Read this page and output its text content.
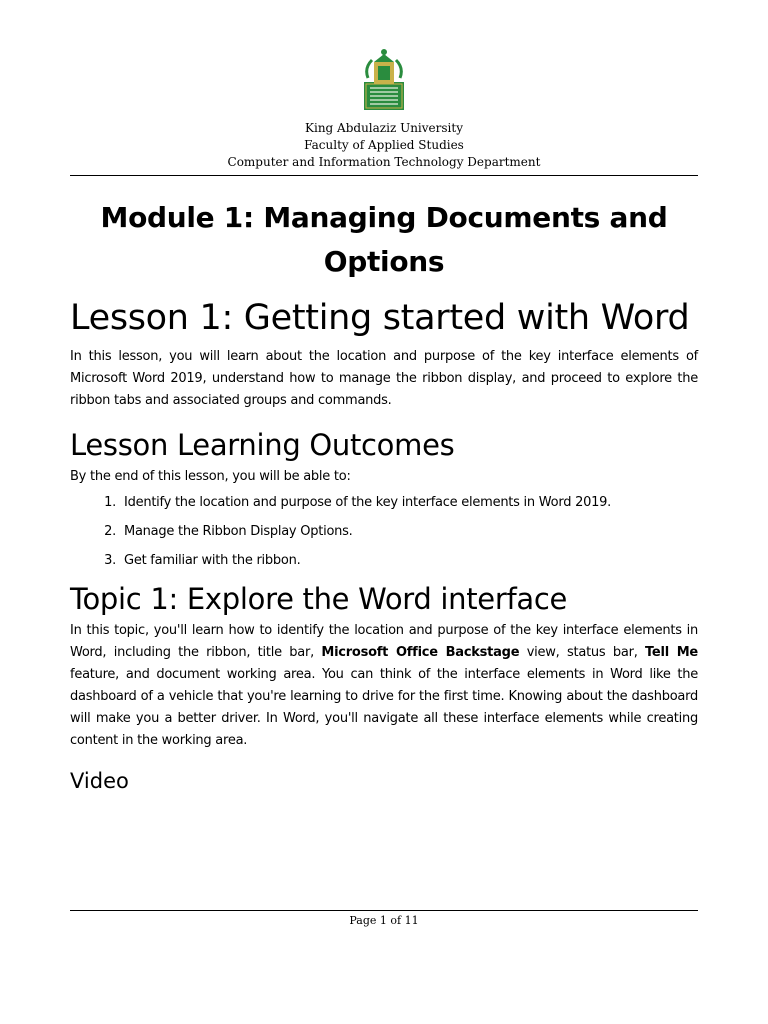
King Abdulaziz University
Faculty of Applied Studies
Computer and Information Technology Department
Module 1: Managing Documents and Options
Lesson 1: Getting started with Word

In this lesson, you will learn about the location and purpose of the key interface elements of Microsoft Word 2019, understand how to manage the ribbon display, and proceed to explore the ribbon tabs and associated groups and commands.

Lesson Learning Outcomes

By the end of this lesson, you will be able to:

1. Identify the location and purpose of the key interface elements in Word 2019.
2. Manage the Ribbon Display Options.
3. Get familiar with the ribbon.
Topic 1: Explore the Word interface

In this topic, you'll learn how to identify the location and purpose of the key interface elements in Word, including the ribbon, title bar, Microsoft Office Backstage view, status bar, Tell Me feature, and document working area. You can think of the interface elements in Word like the dashboard of a vehicle that you're learning to drive for the first time. Knowing about the dashboard will make you a better driver. In Word, you'll navigate all these interface elements while creating content in the working area.

Video
Page 1 of 11
